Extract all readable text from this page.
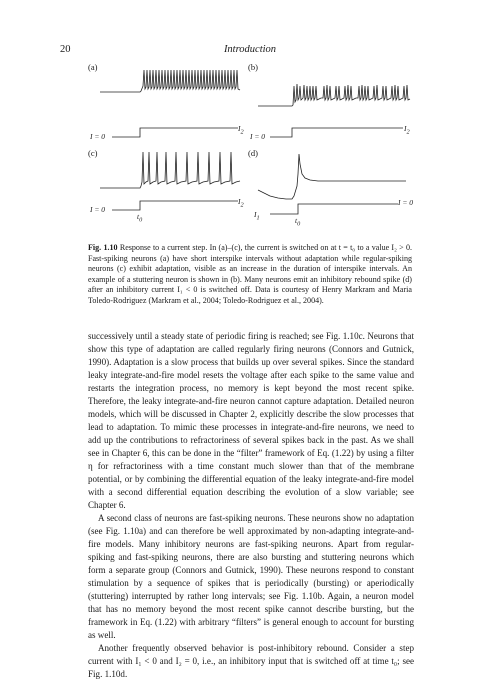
20	Introduction
(a)
I = 0
$I_2$
(b)
I = 0
$I_2$
(c)
I = 0
$I_2$
$t_0$
(d)
$I_1$
I = 0
$t_0$
Fig. 1.10 Response to a current step. In (a)–(c), the current is switched on at t = t₀ to a value I₂ > 0. Fast-spiking neurons (a) have short interspike intervals without adaptation while regular-spiking neurons (c) exhibit adaptation, visible as an increase in the duration of interspike intervals. An example of a stuttering neuron is shown in (b). Many neurons emit an inhibitory rebound spike (d) after an inhibitory current I₁ < 0 is switched off. Data is courtesy of Henry Markram and Maria Toledo-Rodriguez (Markram et al., 2004; Toledo-Rodriguez et al., 2004).

successively until a steady state of periodic firing is reached; see Fig. 1.10c. Neurons that show this type of adaptation are called regularly firing neurons (Connors and Gutnick, 1990). Adaptation is a slow process that builds up over several spikes. Since the standard leaky integrate-and-fire model resets the voltage after each spike to the same value and restarts the integration process, no memory is kept beyond the most recent spike. Therefore, the leaky integrate-and-fire neuron cannot capture adaptation. Detailed neuron models, which will be discussed in Chapter 2, explicitly describe the slow processes that lead to adaptation. To mimic these processes in integrate-and-fire neurons, we need to add up the contributions to refractoriness of several spikes back in the past. As we shall see in Chapter 6, this can be done in the “filter” framework of Eq. (1.22) by using a filter η for refractoriness with a time constant much slower than that of the membrane potential, or by combining the differential equation of the leaky integrate-and-fire model with a second differential equation describing the evolution of a slow variable; see Chapter 6.

A second class of neurons are fast-spiking neurons. These neurons show no adaptation (see Fig. 1.10a) and can therefore be well approximated by non-adapting integrate-and-fire models. Many inhibitory neurons are fast-spiking neurons. Apart from regular-spiking and fast-spiking neurons, there are also bursting and stuttering neurons which form a separate group (Connors and Gutnick, 1990). These neurons respond to constant stimulation by a sequence of spikes that is periodically (bursting) or aperiodically (stuttering) interrupted by rather long intervals; see Fig. 1.10b. Again, a neuron model that has no memory beyond the most recent spike cannot describe bursting, but the framework in Eq. (1.22) with arbitrary “filters” is general enough to account for bursting as well.

Another frequently observed behavior is post-inhibitory rebound. Consider a step current with I₁ < 0 and I₂ = 0, i.e., an inhibitory input that is switched off at time t₀; see Fig. 1.10d.
